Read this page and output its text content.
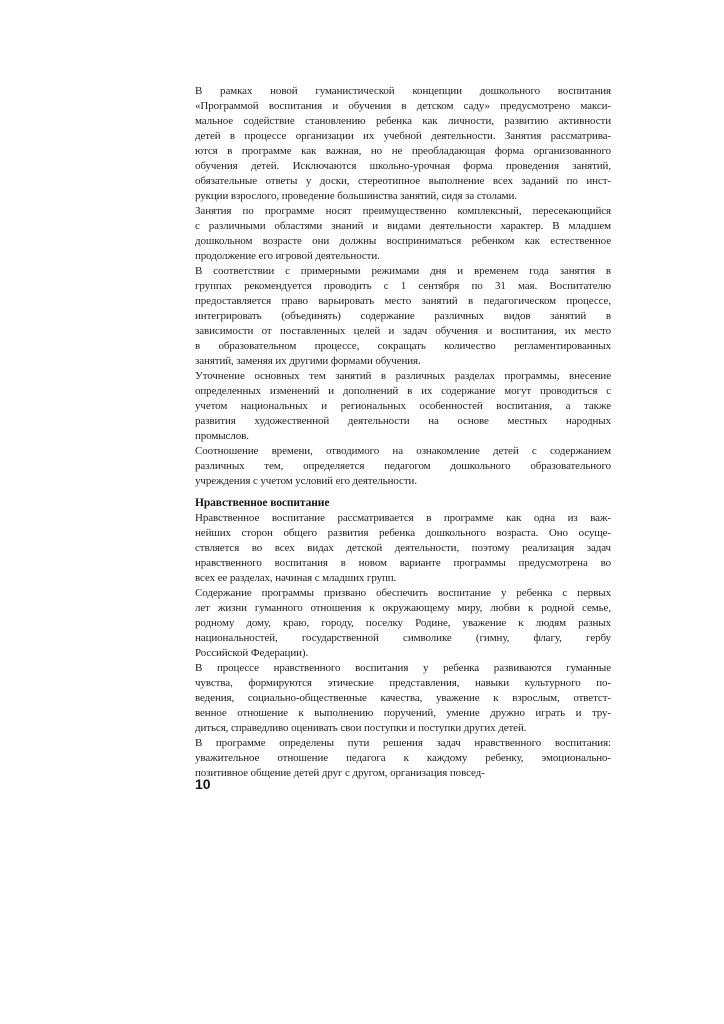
В рамках новой гуманистической концепции дошкольного воспитания
«Программой воспитания и обучения в детском саду» предусмотрено макси-
мальное содействие становлению ребенка как личности, развитию активности
детей в процессе организации их учебной деятельности. Занятия рассматрива-
ются в программе как важная, но не преобладающая форма организованного
обучения детей. Исключаются школьно-урочная форма проведения занятий,
обязательные ответы у доски, стереотипное выполнение всех заданий по инст-
рукции взрослого, проведение большинства занятий, сидя за столами.
Занятия по программе носят преимущественно комплексный, пересекающийся
с различными областями знаний и видами деятельности характер. В младшем
дошкольном возрасте они должны восприниматься ребенком как естественное
продолжение его игровой деятельности.
В соответствии с примерными режимами дня и временем года занятия в
группах рекомендуется проводить с 1 сентября по 31 мая. Воспитателю
предоставляется право варьировать место занятий в педагогическом процессе,
интегрировать (объединять) содержание различных видов занятий в
зависимости от поставленных целей и задач обучения и воспитания, их место
в образовательном процессе, сокращать количество регламентированных
занятий, заменяя их другими формами обучения.
Уточнение основных тем занятий в различных разделах программы, внесение
определенных изменений и дополнений в их содержание могут проводиться с
учетом национальных и региональных особенностей воспитания, а также
развития художественной деятельности на основе местных народных
промыслов.
Соотношение времени, отводимого на ознакомление детей с содержанием
различных тем, определяется педагогом дошкольного образовательного
учреждения с учетом условий его деятельности.
Нравственное воспитание
Нравственное воспитание рассматривается в программе как одна из важ-
нейших сторон общего развития ребенка дошкольного возраста. Оно осуще-
ствляется во всех видах детской деятельности, поэтому реализация задач
нравственного воспитания в новом варианте программы предусмотрена во
всех ее разделах, начиная с младших групп.
Содержание программы призвано обеспечить воспитание у ребенка с первых
лет жизни гуманного отношения к окружающему миру, любви к родной семье,
родному дому, краю, городу, поселку Родине, уважение к людям разных
национальностей, государственной символике (гимну, флагу, гербу
Российской Федерации).
В процессе нравственного воспитания у ребенка развиваются гуманные
чувства, формируются этические представления, навыки культурного по-
ведения, социально-общественные качества, уважение к взрослым, ответст-
венное отношение к выполнению поручений, умение дружно играть и тру-
диться, справедливо оценивать свои поступки и поступки других детей.
В программе определены пути решения задач нравственного воспитания:
уважительное отношение педагога к каждому ребенку, эмоционально-
позитивное общение детей друг с другом, организация повсед-
10
